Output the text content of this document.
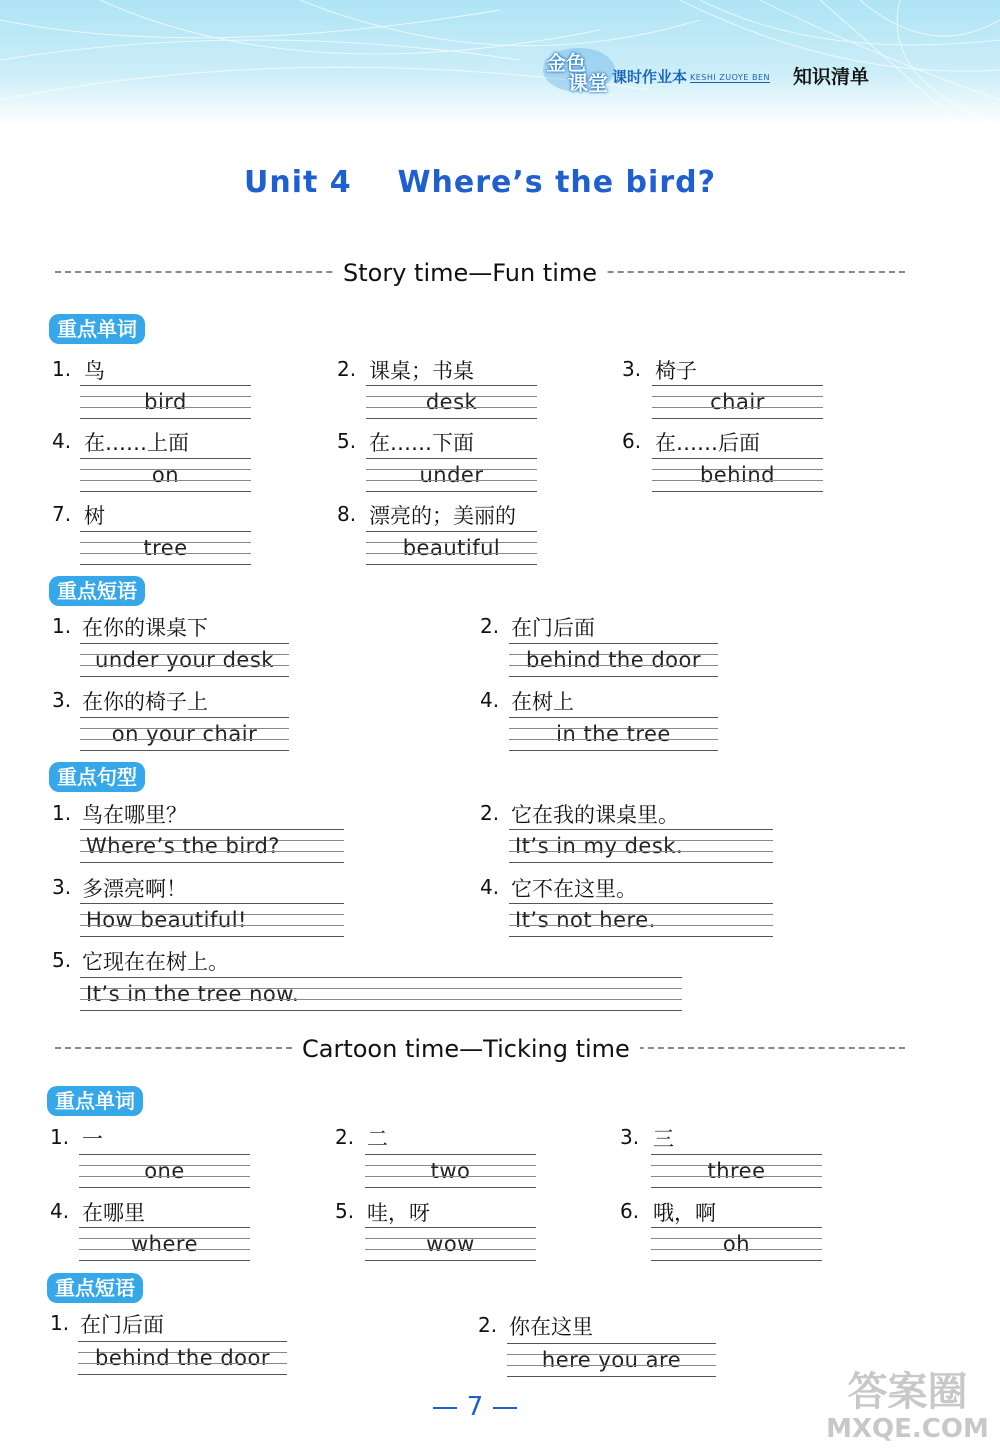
金色
课堂 课时作业本 KESHI ZUOYE BEN 知识清单
Unit 4    Where’s the bird?
Story time—Fun time
重点单词
1. 鸟
bird
2. 课桌；书桌
desk
3. 椅子
chair
4. 在……上面
on
5. 在……下面
under
6. 在……后面
behind
7. 树
tree
8. 漂亮的；美丽的
beautiful
重点短语
1. 在你的课桌下
under your desk
2. 在门后面
behind the door
3. 在你的椅子上
on your chair
4. 在树上
in the tree
重点句型
1. 鸟在哪里？
Where’s the bird?
2. 它在我的课桌里。
It’s in my desk.
3. 多漂亮啊！
How beautiful!
4. 它不在这里。
It’s not here.
5. 它现在在树上。
It’s in the tree now.
Cartoon time—Ticking time
重点单词
1. 一
one
2. 二
two
3. 三
three
4. 在哪里
where
5. 哇，呀
wow
6. 哦，啊
oh
重点短语
1. 在门后面
behind the door
2. 你在这里
here you are
7	答案圈
MXQE.COM
